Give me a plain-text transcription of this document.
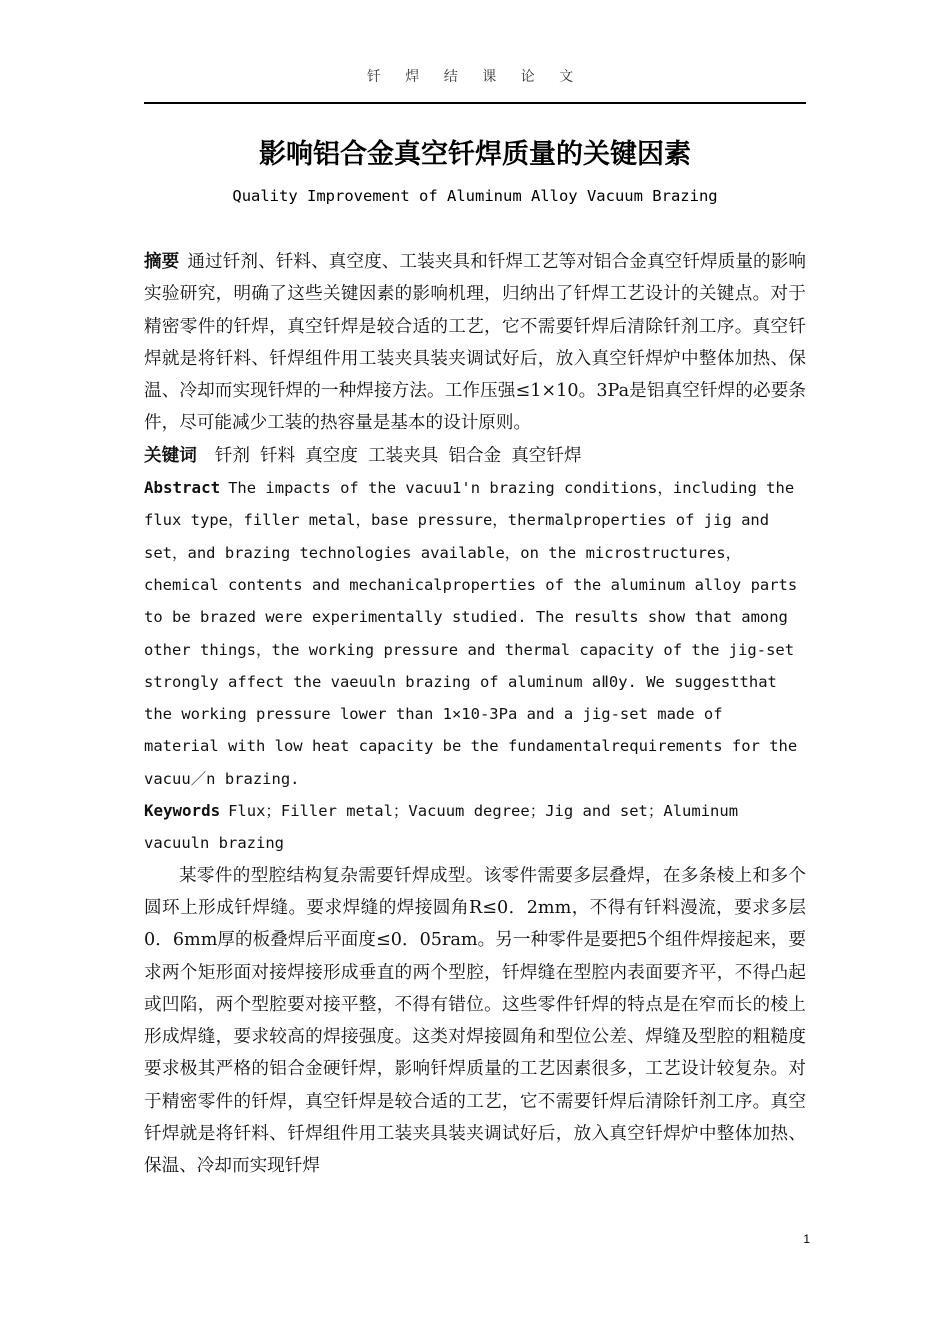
钎 焊 结 课 论 文
影响铝合金真空钎焊质量的关键因素
Quality Improvement of Aluminum Alloy Vacuum Brazing

摘要 通过钎剂、钎料、真空度、工装夹具和钎焊工艺等对铝合金真空钎焊质量的影响实验研究，明确了这些关键因素的影响机理，归纳出了钎焊工艺设计的关键点。对于精密零件的钎焊，真空钎焊是较合适的工艺，它不需要钎焊后清除钎剂工序。真空钎焊就是将钎料、钎焊组件用工装夹具装夹调试好后，放入真空钎焊炉中整体加热、保温、冷却而实现钎焊的一种焊接方法。工作压强≤1×10。3Pa是铝真空钎焊的必要条件，尽可能减少工装的热容量是基本的设计原则。

关键词 钎剂 钎料 真空度 工装夹具 铝合金 真空钎焊

Abstract The impacts of the vacuu1'n brazing conditions，including the flux type，filler metal，base pressure，thermalproperties of jig and set，and brazing technologies available，on the microstructures，chemical contents and mechanicalproperties of the aluminum alloy parts to be brazed were experimentally studied. The results show that among other things，the working pressure and thermal capacity of the jig-set strongly affect the vaeuuln brazing of aluminum aⅡ0y. We suggestthat the working pressure lower than 1×10-3Pa and a jig-set made of material with low heat capacity be the fundamentalrequirements for the vacuu／n brazing.

Keywords Flux；Filler metal；Vacuum degree；Jig and set；Aluminum vacuuln brazing

某零件的型腔结构复杂需要钎焊成型。该零件需要多层叠焊，在多条棱上和多个圆环上形成钎焊缝。要求焊缝的焊接圆角R≤0．2mm，不得有钎料漫流，要求多层0．6mm厚的板叠焊后平面度≤0．05ram。另一种零件是要把5个组件焊接起来，要求两个矩形面对接焊接形成垂直的两个型腔，钎焊缝在型腔内表面要齐平，不得凸起或凹陷，两个型腔要对接平整，不得有错位。这些零件钎焊的特点是在窄而长的棱上形成焊缝，要求较高的焊接强度。这类对焊接圆角和型位公差、焊缝及型腔的粗糙度要求极其严格的铝合金硬钎焊，影响钎焊质量的工艺因素很多，工艺设计较复杂。对于精密零件的钎焊，真空钎焊是较合适的工艺，它不需要钎焊后清除钎剂工序。真空钎焊就是将钎料、钎焊组件用工装夹具装夹调试好后，放入真空钎焊炉中整体加热、保温、冷却而实现钎焊

1
